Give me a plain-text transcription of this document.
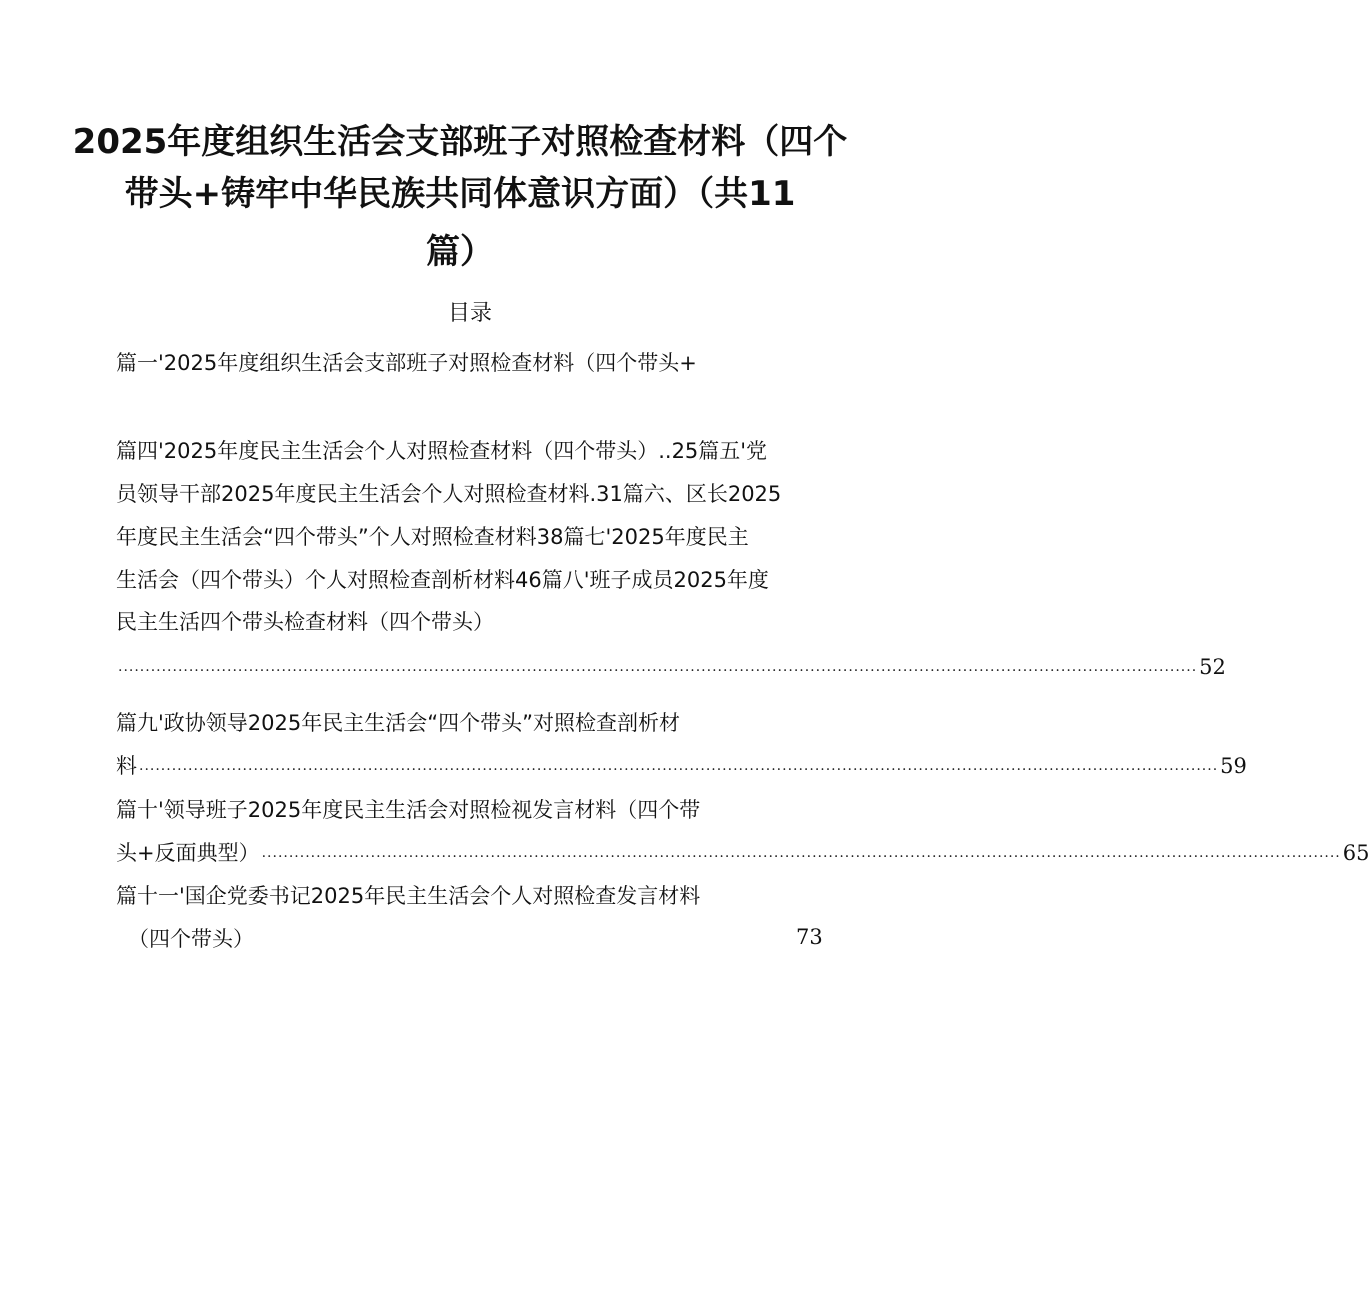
2025年度组织生活会支部班子对照检查材料（四个
带头+铸牢中华民族共同体意识方面）（共11
篇）
目录
篇一'2025年度组织生活会支部班子对照检查材料（四个带头+
篇四'2025年度民主生活会个人对照检查材料（四个带头）..25篇五'党
员领导干部2025年度民主生活会个人对照检查材料.31篇六、区长2025
年度民主生活会“四个带头”个人对照检查材料38篇七'2025年度民主
生活会（四个带头）个人对照检查剖析材料46篇八'班子成员2025年度
民主生活四个带头检查材料（四个带头）
...................................................................................................................................................................................................... 52
篇九'政协领导2025年民主生活会“四个带头”对照检查剖析材
料 ...................................................................................................................................................................................................... 59
篇十'领导班子2025年度民主生活会对照检视发言材料（四个带
头+反面典型） ...................................................................................................................................................................................................... 65
篇十一'国企党委书记2025年民主生活会个人对照检查发言材料
（四个带头）	73
